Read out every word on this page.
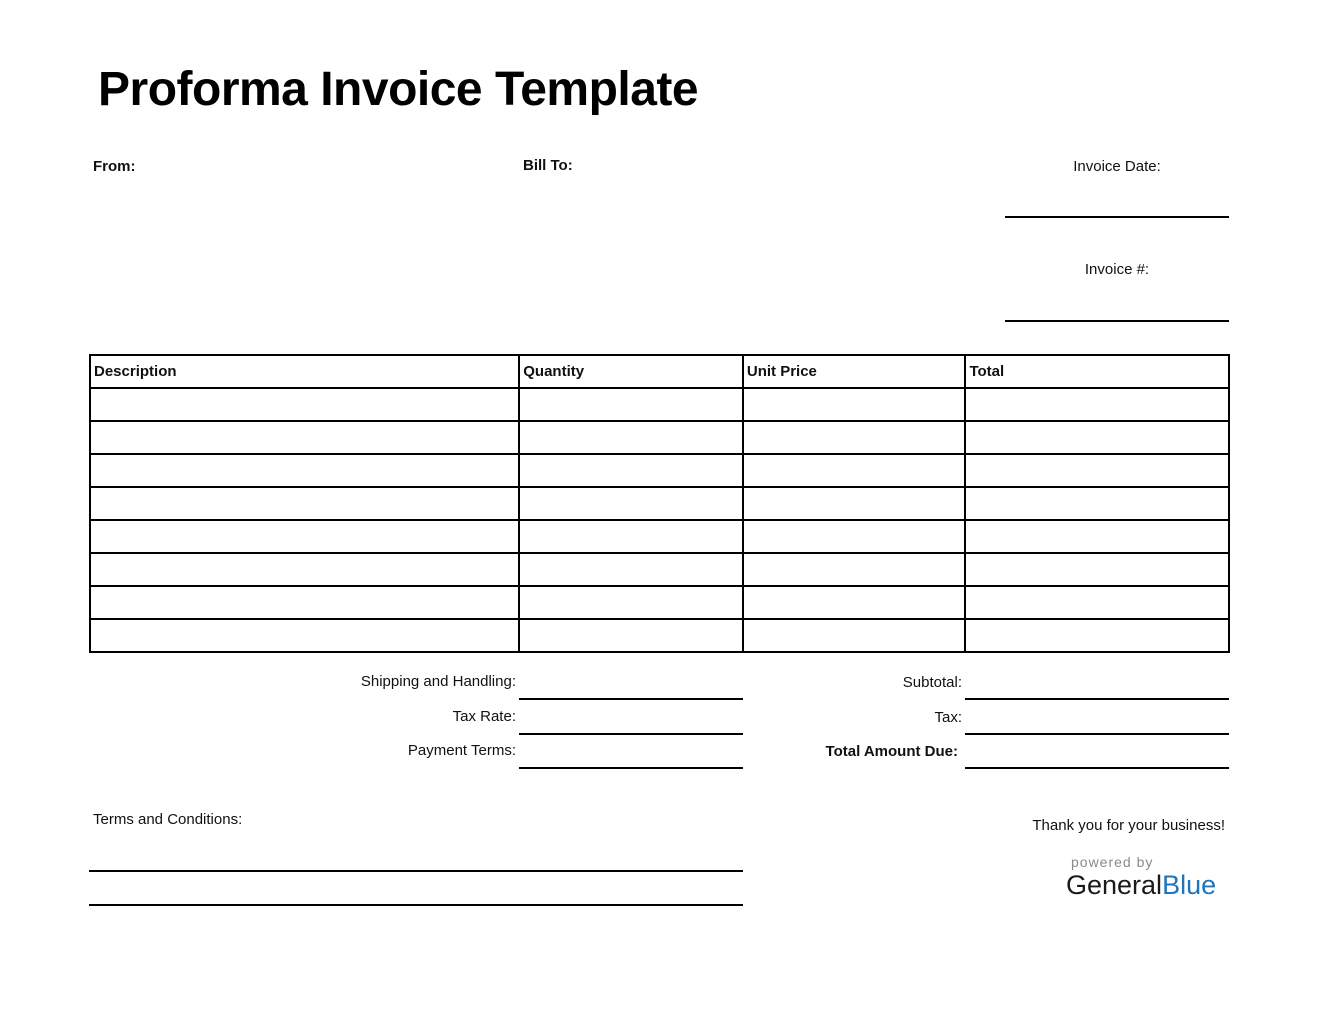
Proforma Invoice Template
From:	Bill To:	Invoice Date:
Invoice #:
Description	Quantity	Unit Price	Total

Shipping and Handling:
Tax Rate:
Payment Terms:
Subtotal:
Tax:
Total Amount Due:
Terms and Conditions:	Thank you for your business!
powered by
GeneralBlue
